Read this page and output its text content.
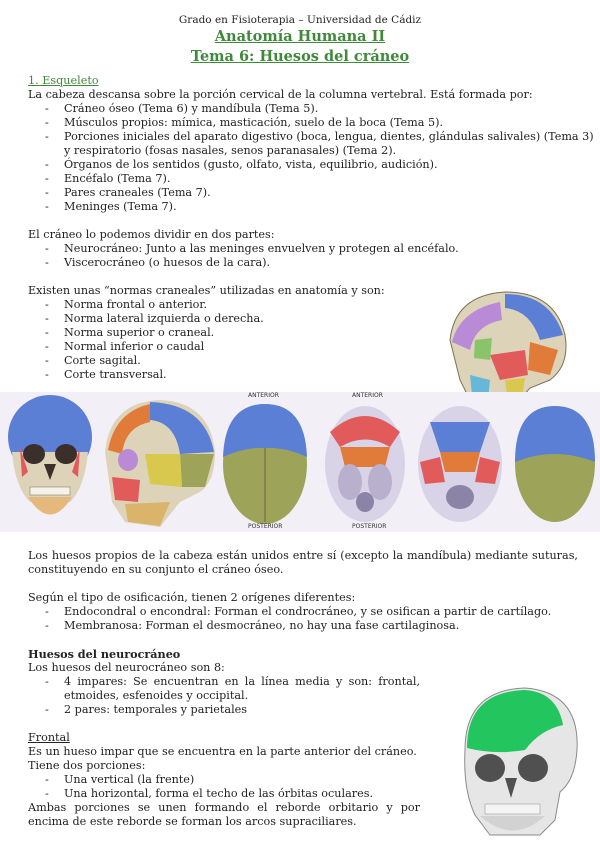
Grado en Fisioterapia – Universidad de Cádiz
Anatomía Humana II
Tema 6: Huesos del cráneo
1. Esqueleto
La cabeza descansa sobre la porción cervical de la columna vertebral. Está formada por:
- Cráneo óseo (Tema 6) y mandíbula (Tema 5).
- Músculos propios: mímica, masticación, suelo de la boca (Tema 5).
- Porciones iniciales del aparato digestivo (boca, lengua, dientes, glándulas salivales) (Tema 3)
y respiratorio (fosas nasales, senos paranasales) (Tema 2).
- Órganos de los sentidos (gusto, olfato, vista, equilibrio, audición).
- Encéfalo (Tema 7).
- Pares craneales (Tema 7).
- Meninges (Tema 7).
El cráneo lo podemos dividir en dos partes:
- Neurocráneo: Junto a las meninges envuelven y protegen al encéfalo.
- Viscerocráneo (o huesos de la cara).
Existen unas “normas craneales” utilizadas en anatomía y son:
- Norma frontal o anterior.
- Norma lateral izquierda o derecha.
- Norma superior o craneal.
- Normal inferior o caudal
- Corte sagital.
- Corte transversal.
ANTERIOR	ANTERIOR
POSTERIOR	POSTERIOR
Los huesos propios de la cabeza están unidos entre sí (excepto la mandíbula) mediante suturas, constituyendo en su conjunto el cráneo óseo.
Según el tipo de osificación, tienen 2 orígenes diferentes:
- Endocondral o encondral: Forman el condrocráneo, y se osifican a partir de cartílago.
- Membranosa: Forman el desmocráneo, no hay una fase cartilaginosa.
Huesos del neurocráneo
Los huesos del neurocráneo son 8:
- 4 impares: Se encuentran en la línea media y son: frontal, etmoides, esfenoides y occipital.
- 2 pares: temporales y parietales
Frontal
Es un hueso impar que se encuentra en la parte anterior del cráneo.
Tiene dos porciones:
- Una vertical (la frente)
- Una horizontal, forma el techo de las órbitas oculares.
Ambas porciones se unen formando el reborde orbitario y por encima de este reborde se forman los arcos supraciliares.
